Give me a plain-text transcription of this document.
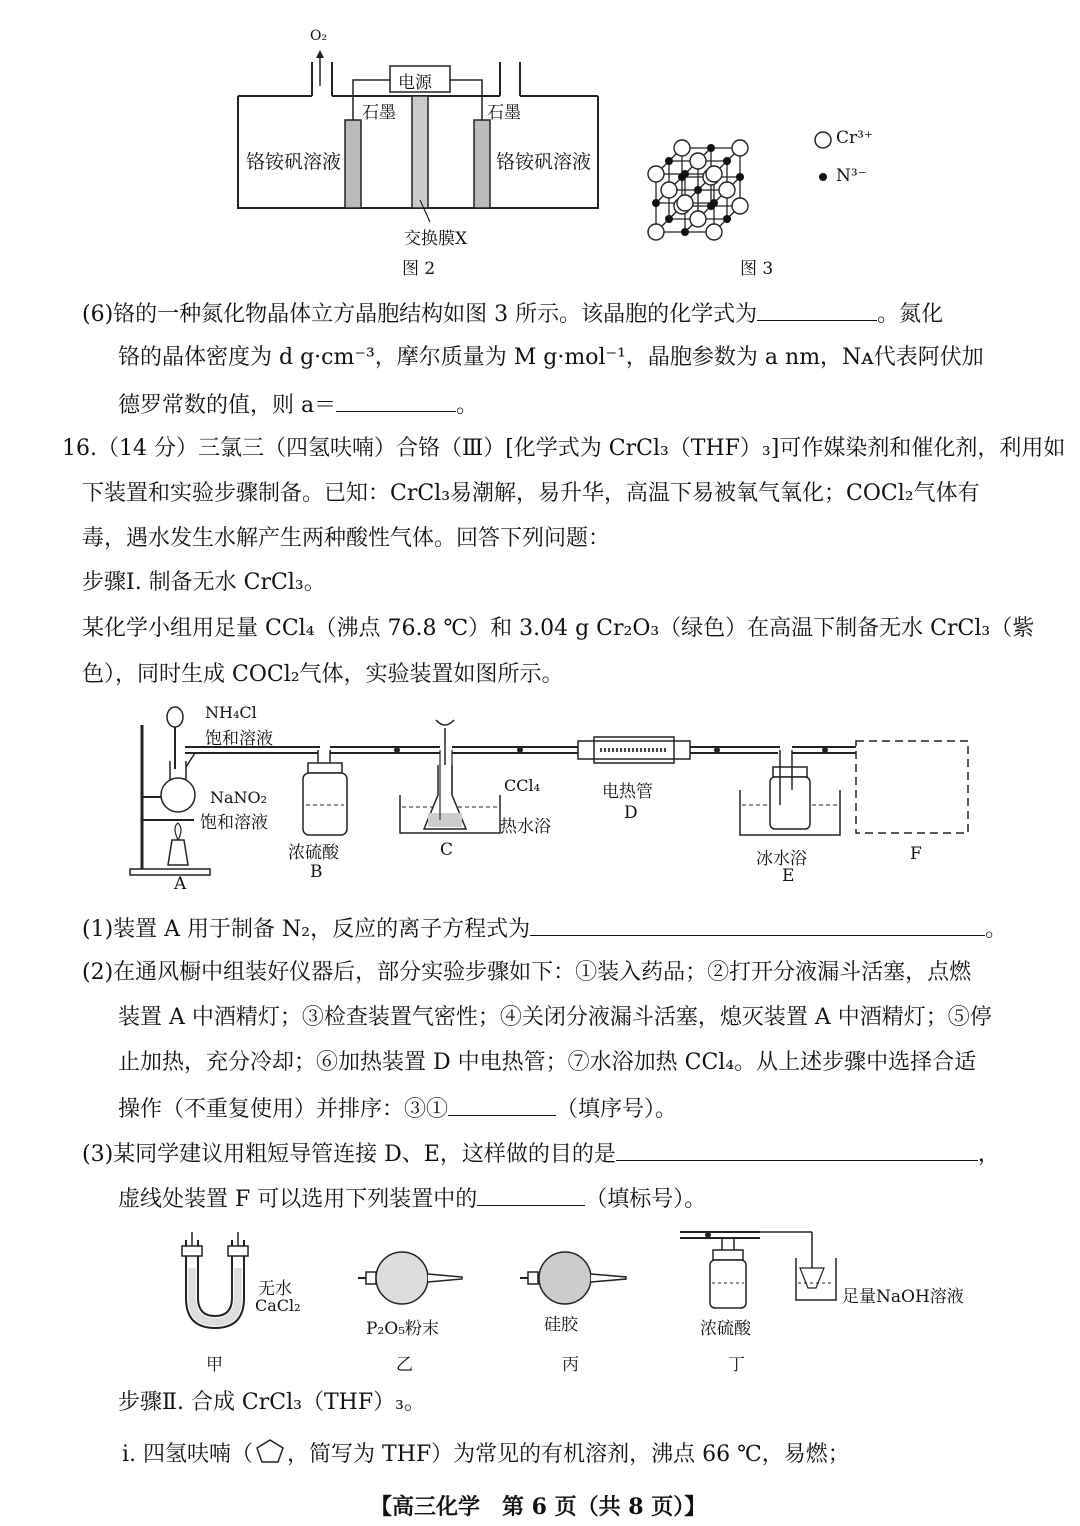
O₂
电源
石墨	石墨
铬铵矾溶液	铬铵矾溶液
交换膜X
图 2
Cr³⁺
N³⁻
图 3
(6)铬的一种氮化物晶体立方晶胞结构如图 3 所示。该晶胞的化学式为	。氮化
铬的晶体密度为 d g·cm⁻³，摩尔质量为 M g·mol⁻¹，晶胞参数为 a nm，Nᴀ代表阿伏加
德罗常数的值，则 a＝	。
16.（14 分）三氯三（四氢呋喃）合铬（Ⅲ）[化学式为 CrCl₃（THF）₃]可作媒染剂和催化剂，利用如
下装置和实验步骤制备。已知：CrCl₃易潮解，易升华，高温下易被氧气氧化；COCl₂气体有
毒，遇水发生水解产生两种酸性气体。回答下列问题：
步骤Ⅰ. 制备无水 CrCl₃。
某化学小组用足量 CCl₄（沸点 76.8 ℃）和 3.04 g Cr₂O₃（绿色）在高温下制备无水 CrCl₃（紫
色），同时生成 COCl₂气体，实验装置如图所示。
NH₄Cl
饱和溶液
NaNO₂
饱和溶液
A
浓硫酸
B
CCl₄
热水浴
C
电热管
D
冰水浴
E
F
(1)装置 A 用于制备 N₂，反应的离子方程式为	。
(2)在通风橱中组装好仪器后，部分实验步骤如下：①装入药品；②打开分液漏斗活塞，点燃
装置 A 中酒精灯；③检查装置气密性；④关闭分液漏斗活塞，熄灭装置 A 中酒精灯；⑤停
止加热，充分冷却；⑥加热装置 D 中电热管；⑦水浴加热 CCl₄。从上述步骤中选择合适
操作（不重复使用）并排序：③①	（填序号）。
(3)某同学建议用粗短导管连接 D、E，这样做的目的是	，
虚线处装置 F 可以选用下列装置中的	（填标号）。
无水
CaCl₂
甲
P₂O₅粉末
乙
硅胶
丙
浓硫酸
足量NaOH溶液
丁
步骤Ⅱ. 合成 CrCl₃（THF）₃。
ⅰ. 四氢呋喃（ ，简写为 THF）为常见的有机溶剂，沸点 66 ℃，易燃；
【高三化学　第 6 页（共 8 页）】
